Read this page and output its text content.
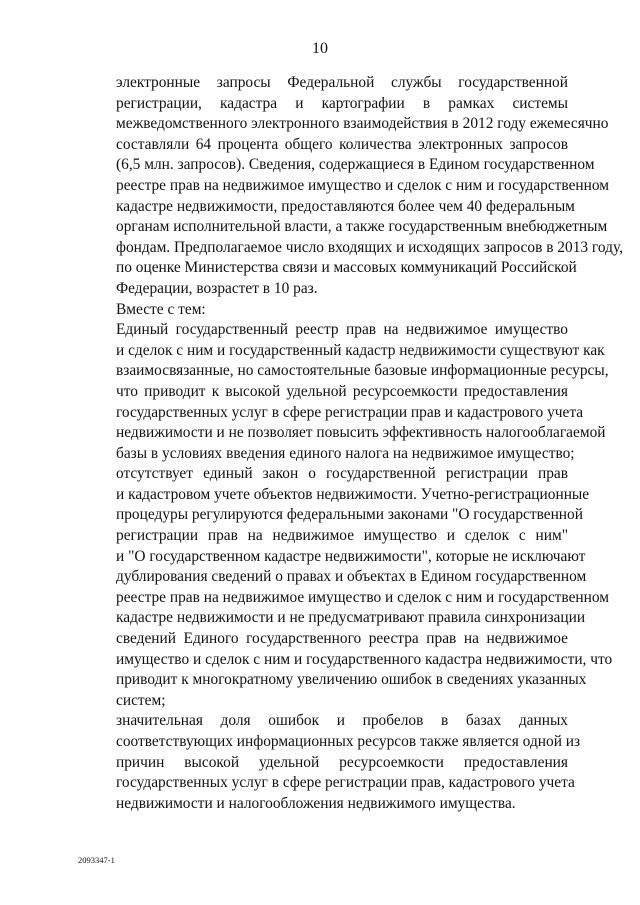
10
электронные запросы Федеральной службы государственной
регистрации, кадастра и картографии в рамках системы
межведомственного электронного взаимодействия в 2012 году ежемесячно
составляли 64 процента общего количества электронных запросов
(6,5 млн. запросов). Сведения, содержащиеся в Едином государственном
реестре прав на недвижимое имущество и сделок с ним и государственном
кадастре недвижимости, предоставляются более чем 40 федеральным
органам исполнительной власти, а также государственным внебюджетным
фондам. Предполагаемое число входящих и исходящих запросов в 2013 году,
по оценке Министерства связи и массовых коммуникаций Российской
Федерации, возрастет в 10 раз.
Вместе с тем:
Единый государственный реестр прав на недвижимое имущество
и сделок с ним и государственный кадастр недвижимости существуют как
взаимосвязанные, но самостоятельные базовые информационные ресурсы,
что приводит к высокой удельной ресурсоемкости предоставления
государственных услуг в сфере регистрации прав и кадастрового учета
недвижимости и не позволяет повысить эффективность налогооблагаемой
базы в условиях введения единого налога на недвижимое имущество;
отсутствует единый закон о государственной регистрации прав
и кадастровом учете объектов недвижимости. Учетно-регистрационные
процедуры регулируются федеральными законами "О государственной
регистрации прав на недвижимое имущество и сделок с ним"
и "О государственном кадастре недвижимости", которые не исключают
дублирования сведений о правах и объектах в Едином государственном
реестре прав на недвижимое имущество и сделок с ним и государственном
кадастре недвижимости и не предусматривают правила синхронизации
сведений Единого государственного реестра прав на недвижимое
имущество и сделок с ним и государственного кадастра недвижимости, что
приводит к многократному увеличению ошибок в сведениях указанных
систем;
значительная доля ошибок и пробелов в базах данных
соответствующих информационных ресурсов также является одной из
причин высокой удельной ресурсоемкости предоставления
государственных услуг в сфере регистрации прав, кадастрового учета
недвижимости и налогообложения недвижимого имущества.
2093347-1
